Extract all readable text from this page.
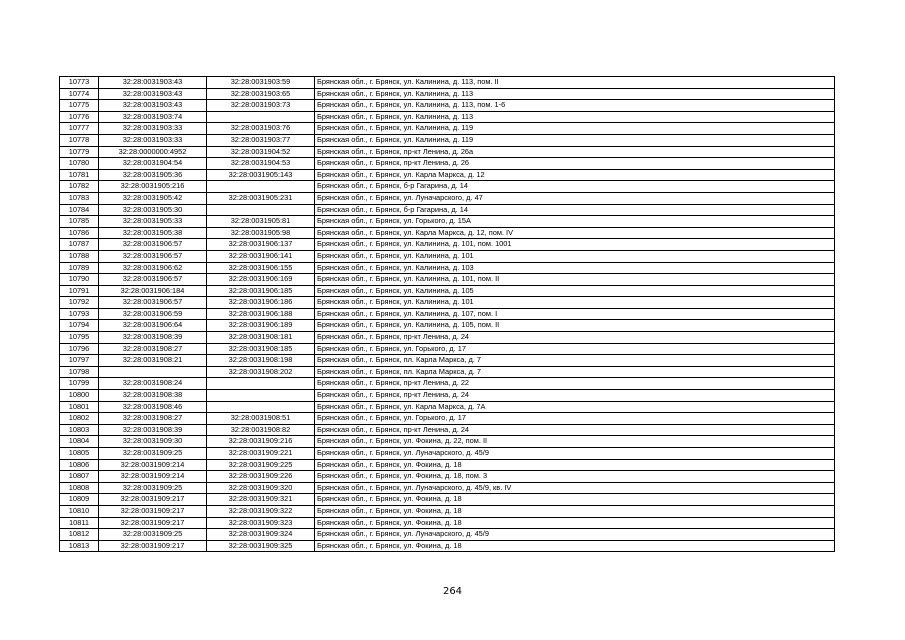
10773	32:28:0031903:43	32:28:0031903:59	Брянская обл., г. Брянск, ул. Калинина, д. 113, пом. II
10774	32:28:0031903:43	32:28:0031903:65	Брянская обл., г. Брянск, ул. Калинина, д. 113
10775	32:28:0031903:43	32:28:0031903:73	Брянская обл., г. Брянск, ул. Калинина, д. 113, пом. 1-6
10776	32:28:0031903:74		Брянская обл., г. Брянск, ул. Калинина, д. 113
10777	32:28:0031903:33	32:28:0031903:76	Брянская обл., г. Брянск, ул. Калинина, д. 119
10778	32:28:0031903:33	32:28:0031903:77	Брянская обл., г. Брянск, ул. Калинина, д. 119
10779	32:28:0000000:4952	32:28:0031904:52	Брянская обл., г. Брянск, пр-кт Ленина, д. 26а
10780	32:28:0031904:54	32:28:0031904:53	Брянская обл., г. Брянск, пр-кт Ленина, д. 26
10781	32:28:0031905:36	32:28:0031905:143	Брянская обл., г. Брянск, ул. Карла Маркса, д. 12
10782	32:28:0031905:216		Брянская обл., г. Брянск, б-р Гагарина, д. 14
10783	32:28:0031905:42	32:28:0031905:231	Брянская обл., г. Брянск, ул. Луначарского, д. 47
10784	32:28:0031905:30		Брянская обл., г. Брянск, б-р Гагарина, д. 14
10785	32:28:0031905:33	32:28:0031905:81	Брянская обл., г. Брянск, ул. Горького, д. 15А
10786	32:28:0031905:38	32:28:0031905:98	Брянская обл., г. Брянск, ул. Карла Маркса, д. 12, пом. IV
10787	32:28:0031906:57	32:28:0031906:137	Брянская обл., г. Брянск, ул. Калинина, д. 101, пом. 1001
10788	32:28:0031906:57	32:28:0031906:141	Брянская обл., г. Брянск, ул. Калинина, д. 101
10789	32:28:0031906:62	32:28:0031906:155	Брянская обл., г. Брянск, ул. Калинина, д. 103
10790	32:28:0031906:57	32:28:0031906:169	Брянская обл., г. Брянск, ул. Калинина, д. 101, пом. II
10791	32:28:0031906:184	32:28:0031906:185	Брянская обл., г. Брянск, ул. Калинина, д. 105
10792	32:28:0031906:57	32:28:0031906:186	Брянская обл., г. Брянск, ул. Калинина, д. 101
10793	32:28:0031906:59	32:28:0031906:188	Брянская обл., г. Брянск, ул. Калинина, д. 107, пом. I
10794	32:28:0031906:64	32:28:0031906:189	Брянская обл., г. Брянск, ул. Калинина, д. 105, пом. II
10795	32:28:0031908:39	32:28:0031908:181	Брянская обл., г. Брянск, пр-кт Ленина, д. 24
10796	32:28:0031908:27	32:28:0031908:185	Брянская обл., г. Брянск, ул. Горького, д. 17
10797	32:28:0031908:21	32:28:0031908:198	Брянская обл., г. Брянск, пл. Карла Маркса, д. 7
10798		32:28:0031908:202	Брянская обл., г. Брянск, пл. Карла Маркса, д. 7
10799	32:28:0031908:24		Брянская обл., г. Брянск, пр-кт Ленина, д. 22
10800	32:28:0031908:38		Брянская обл., г. Брянск, пр-кт Ленина, д. 24
10801	32:28:0031908:46		Брянская обл., г. Брянск, ул. Карла Маркса, д. 7А
10802	32:28:0031908:27	32:28:0031908:51	Брянская обл., г. Брянск, ул. Горького, д. 17
10803	32:28:0031908:39	32:28:0031908:82	Брянская обл., г. Брянск, пр-кт Ленина, д. 24
10804	32:28:0031909:30	32:28:0031909:216	Брянская обл., г. Брянск, ул. Фокина, д. 22, пом. II
10805	32:28:0031909:25	32:28:0031909:221	Брянская обл., г. Брянск, ул. Луначарского, д. 45/9
10806	32:28:0031909:214	32:28:0031909:225	Брянская обл., г. Брянск, ул. Фокина, д. 18
10807	32:28:0031909:214	32:28:0031909:226	Брянская обл., г. Брянск, ул. Фокина, д. 18, пом. 3
10808	32:28:0031909:25	32:28:0031909:320	Брянская обл., г. Брянск, ул. Луначарского, д. 45/9, кв. IV
10809	32:28:0031909:217	32:28:0031909:321	Брянская обл., г. Брянск, ул. Фокина, д. 18
10810	32:28:0031909:217	32:28:0031909:322	Брянская обл., г. Брянск, ул. Фокина, д. 18
10811	32:28:0031909:217	32:28:0031909:323	Брянская обл., г. Брянск, ул. Фокина, д. 18
10812	32:28:0031909:25	32:28:0031909:324	Брянская обл., г. Брянск, ул. Луначарского, д. 45/9
10813	32:28:0031909:217	32:28:0031909:325	Брянская обл., г. Брянск, ул. Фокина, д. 18
264
